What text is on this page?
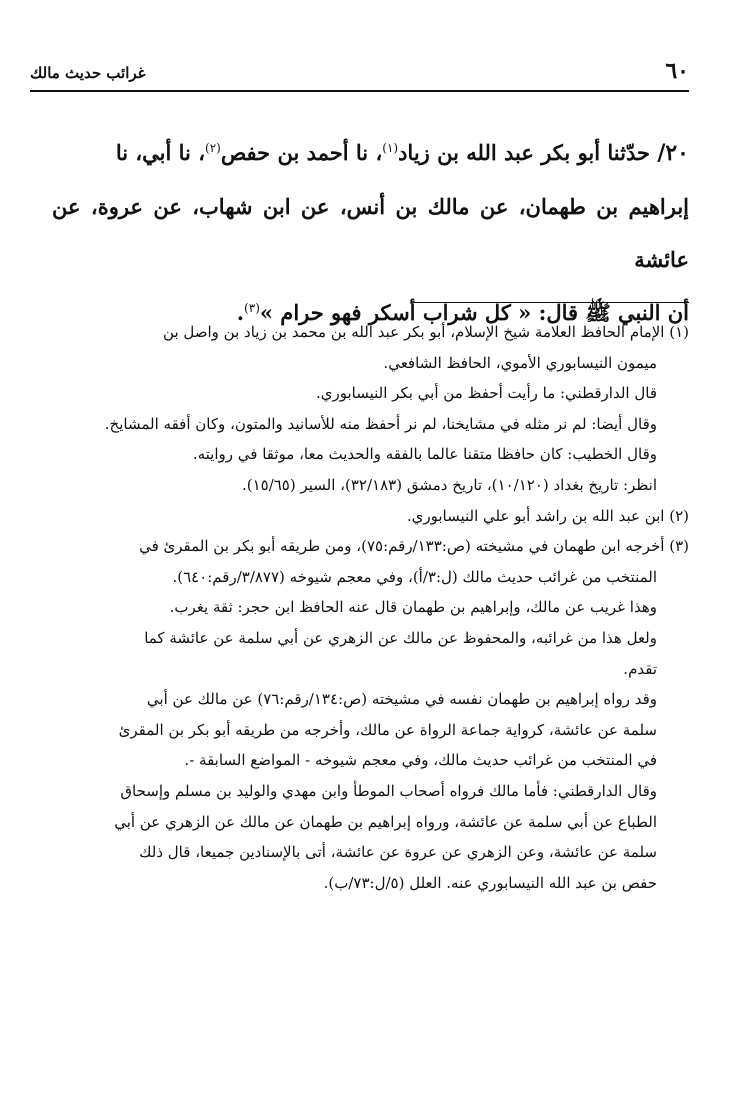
٦٠
غرائب حديث مالك

٢٠/ حدّثنا أبو بكر عبد الله بن زياد$^{(١)}$، نا أحمد بن حفص$^{(٢)}$، نا أبي، نا

إبراهيم بن طهمان، عن مالك بن أنس، عن ابن شهاب، عن عروة، عن عائشة

أن النبي ﷺ قال: « كل شراب أسكر فهو حرام »$^{(٣)}$.

(١) الإمام الحافظ العلامة شيخ الإسلام، أبو بكر عبد الله بن محمد بن زياد بن واصل بن

ميمون النيسابوري الأموي، الحافظ الشافعي.

قال الدارقطني: ما رأيت أحفظ من أبي بكر النيسابوري.

وقال أيضا: لم نر مثله في مشايخنا، لم نر أحفظ منه للأسانيد والمتون، وكان أفقه المشايخ.

وقال الخطيب: كان حافظا متقنا عالما بالفقه والحديث معا، موثقا في روايته.

انظر: تاريخ بغداد (١٠/١٢٠)، تاريخ دمشق (٣٢/١٨٣)، السير (١٥/٦٥).

(٢) ابن عبد الله بن راشد أبو علي النيسابوري.

(٣) أخرجه ابن طهمان في مشيخته (ص:١٣٣/رقم:٧٥)، ومن طريقه أبو بكر بن المقرئ في

المنتخب من غرائب حديث مالك (ل:٣/أ)، وفي معجم شيوخه (٣/٨٧٧/رقم:٦٤٠).

وهذا غريب عن مالك، وإبراهيم بن طهمان قال عنه الحافظ ابن حجر: ثقة يغرب.

ولعل هذا من غرائبه، والمحفوظ عن مالك عن الزهري عن أبي سلمة عن عائشة كما

تقدم.

وقد رواه إبراهيم بن طهمان نفسه في مشيخته (ص:١٣٤/رقم:٧٦) عن مالك عن أبي

سلمة عن عائشة، كرواية جماعة الرواة عن مالك، وأخرجه من طريقه أبو بكر بن المقرئ

في المنتخب من غرائب حديث مالك، وفي معجم شيوخه - المواضع السابقة -.

وقال الدارقطني: فأما مالك فرواه أصحاب الموطأ وابن مهدي والوليد بن مسلم وإسحاق

الطباع عن أبي سلمة عن عائشة، ورواه إبراهيم بن طهمان عن مالك عن الزهري عن أبي

سلمة عن عائشة، وعن الزهري عن عروة عن عائشة، أتى بالإسنادين جميعا، قال ذلك

حفص بن عبد الله النيسابوري عنه. العلل (٥/ل:٧٣/ب).
